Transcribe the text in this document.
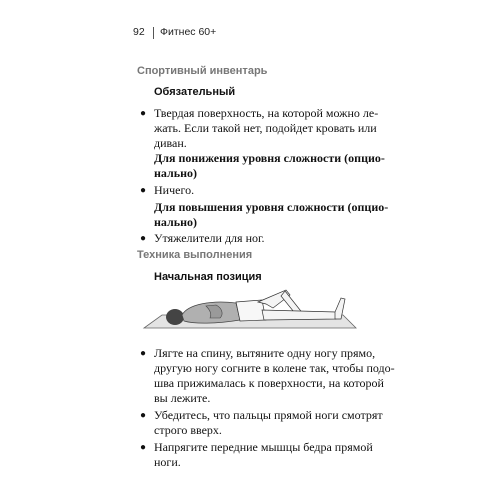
92 Фитнес 60+
Спортивный инвентарь
Обязательный
● Твердая поверхность, на которой можно ле-
жать. Если такой нет, подойдет кровать или
диван.
Для понижения уровня сложности (опцио-
нально)
● Ничего.
Для повышения уровня сложности (опцио-
нально)
● Утяжелители для ног.
Техника выполнения
Начальная позиция
● Лягте на спину, вытяните одну ногу прямо,
другую ногу согните в колене так, чтобы подо-
шва прижималась к поверхности, на которой
вы лежите.
● Убедитесь, что пальцы прямой ноги смотрят
строго вверх.
● Напрягите передние мышцы бедра прямой
ноги.
